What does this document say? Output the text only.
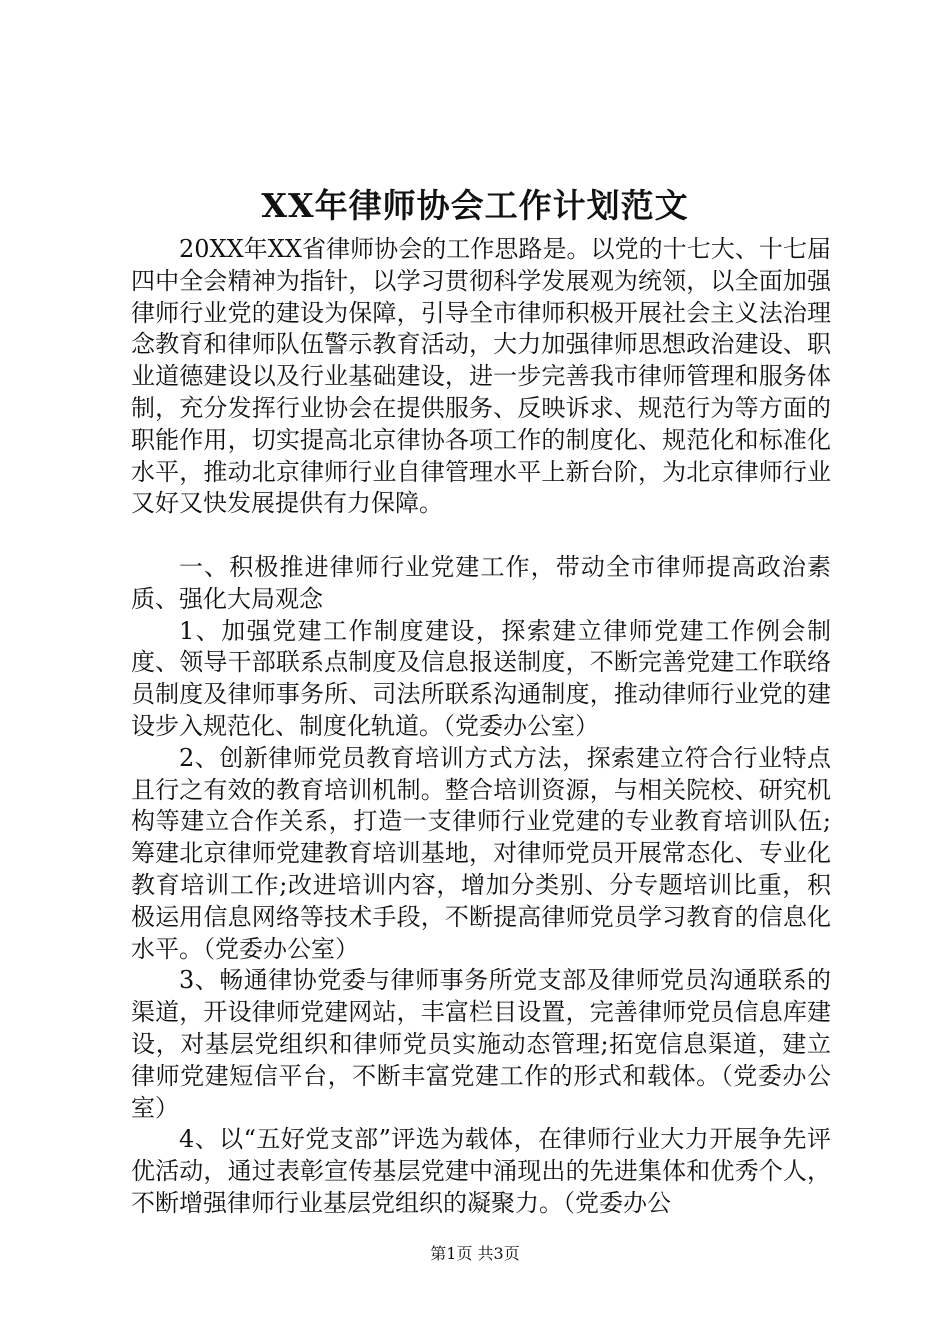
XX年律师协会工作计划范文

20XX年XX省律师协会的工作思路是。以党的十七大、十七届四中全会精神为指针，以学习贯彻科学发展观为统领，以全面加强律师行业党的建设为保障，引导全市律师积极开展社会主义法治理念教育和律师队伍警示教育活动，大力加强律师思想政治建设、职业道德建设以及行业基础建设，进一步完善我市律师管理和服务体制，充分发挥行业协会在提供服务、反映诉求、规范行为等方面的职能作用，切实提高北京律协各项工作的制度化、规范化和标准化水平，推动北京律师行业自律管理水平上新台阶，为北京律师行业又好又快发展提供有力保障。

一、积极推进律师行业党建工作，带动全市律师提高政治素质、强化大局观念

1、加强党建工作制度建设，探索建立律师党建工作例会制度、领导干部联系点制度及信息报送制度，不断完善党建工作联络员制度及律师事务所、司法所联系沟通制度，推动律师行业党的建设步入规范化、制度化轨道。（党委办公室）

2、创新律师党员教育培训方式方法，探索建立符合行业特点且行之有效的教育培训机制。整合培训资源，与相关院校、研究机构等建立合作关系，打造一支律师行业党建的专业教育培训队伍;筹建北京律师党建教育培训基地，对律师党员开展常态化、专业化教育培训工作;改进培训内容，增加分类别、分专题培训比重，积极运用信息网络等技术手段，不断提高律师党员学习教育的信息化水平。（党委办公室）

3、畅通律协党委与律师事务所党支部及律师党员沟通联系的渠道，开设律师党建网站，丰富栏目设置，完善律师党员信息库建设，对基层党组织和律师党员实施动态管理;拓宽信息渠道，建立律师党建短信平台，不断丰富党建工作的形式和载体。（党委办公室）

4、以“五好党支部”评选为载体，在律师行业大力开展争先评优活动，通过表彰宣传基层党建中涌现出的先进集体和优秀个人，不断增强律师行业基层党组织的凝聚力。（党委办公

第1页 共3页
